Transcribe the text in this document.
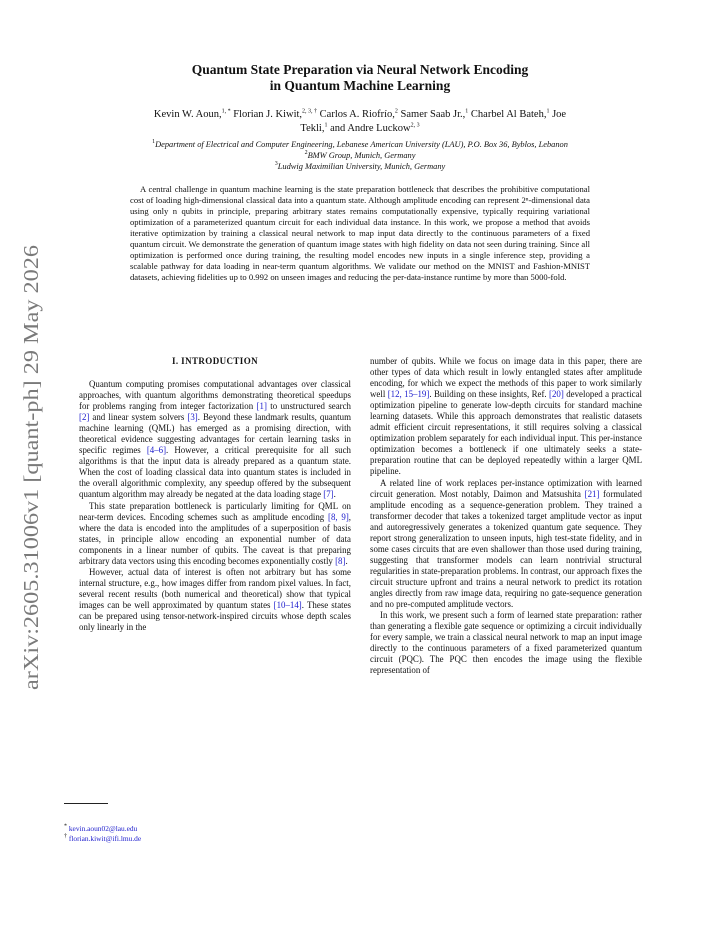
arXiv:2605.31006v1 [quant-ph] 29 May 2026
Quantum State Preparation via Neural Network Encoding
in Quantum Machine Learning
Kevin W. Aoun,$^{1, *}$ Florian J. Kiwit,$^{2, 3, \dagger}$ Carlos A. Riofrío,$^2$ Samer Saab Jr.,$^1$ Charbel Al Bateh,$^1$ Joe Tekli,$^1$ and Andre Luckow$^{2, 3}$
$^1$Department of Electrical and Computer Engineering, Lebanese American University (LAU), P.O. Box 36, Byblos, Lebanon
$^2$BMW Group, Munich, Germany
$^3$Ludwig Maximilian University, Munich, Germany

A central challenge in quantum machine learning is the state preparation bottleneck that describes the prohibitive computational cost of loading high-dimensional classical data into a quantum state. Although amplitude encoding can represent 2ⁿ-dimensional data using only n qubits in principle, preparing arbitrary states remains computationally expensive, typically requiring variational optimization of a parameterized quantum circuit for each individual data instance. In this work, we propose a method that avoids iterative optimization by training a classical neural network to map input data directly to the continuous parameters of a fixed quantum circuit. We demonstrate the generation of quantum image states with high fidelity on data not seen during training. Since all optimization is performed once during training, the resulting model encodes new inputs in a single inference step, providing a scalable pathway for data loading in near-term quantum algorithms. We validate our method on the MNIST and Fashion-MNIST datasets, achieving fidelities up to 0.992 on unseen images and reducing the per-data-instance runtime by more than 5000-fold.

I. INTRODUCTION

Quantum computing promises computational advantages over classical approaches, with quantum algorithms demonstrating theoretical speedups for problems ranging from integer factorization [1] to unstructured search [2] and linear system solvers [3]. Beyond these landmark results, quantum machine learning (QML) has emerged as a promising direction, with theoretical evidence suggesting advantages for certain learning tasks in specific regimes [4–6]. However, a critical prerequisite for all such algorithms is that the input data is already prepared as a quantum state. When the cost of loading classical data into quantum states is included in the overall algorithmic complexity, any speedup offered by the subsequent quantum algorithm may already be negated at the data loading stage [7].

This state preparation bottleneck is particularly limiting for QML on near-term devices. Encoding schemes such as amplitude encoding [8, 9], where the data is encoded into the amplitudes of a superposition of basis states, in principle allow encoding an exponential number of data components in a linear number of qubits. The caveat is that preparing arbitrary data vectors using this encoding becomes exponentially costly [8].

However, actual data of interest is often not arbitrary but has some internal structure, e.g., how images differ from random pixel values. In fact, several recent results (both numerical and theoretical) show that typical images can be well approximated by quantum states [10–14]. These states can be prepared using tensor-network-inspired circuits whose depth scales only linearly in the

number of qubits. While we focus on image data in this paper, there are other types of data which result in lowly entangled states after amplitude encoding, for which we expect the methods of this paper to work similarly well [12, 15–19]. Building on these insights, Ref. [20] developed a practical optimization pipeline to generate low-depth circuits for standard machine learning datasets. While this approach demonstrates that realistic datasets admit efficient circuit representations, it still requires solving a classical optimization problem separately for each individual input. This per-instance optimization becomes a bottleneck if one ultimately seeks a state-preparation routine that can be deployed repeatedly within a larger QML pipeline.

A related line of work replaces per-instance optimization with learned circuit generation. Most notably, Daimon and Matsushita [21] formulated amplitude encoding as a sequence-generation problem. They trained a transformer decoder that takes a tokenized target amplitude vector as input and autoregressively generates a tokenized quantum gate sequence. They report strong generalization to unseen inputs, high test-state fidelity, and in some cases circuits that are even shallower than those used during training, suggesting that transformer models can learn nontrivial structural regularities in state-preparation problems. In contrast, our approach fixes the circuit structure upfront and trains a neural network to predict its rotation angles directly from raw image data, requiring no gate-sequence generation and no pre-computed amplitude vectors.

In this work, we present such a form of learned state preparation: rather than generating a flexible gate sequence or optimizing a circuit individually for every sample, we train a classical neural network to map an input image directly to the continuous parameters of a fixed parameterized quantum circuit (PQC). The PQC then encodes the image using the flexible representation of

* kevin.aoun02@lau.edu
† florian.kiwit@ifi.lmu.de
